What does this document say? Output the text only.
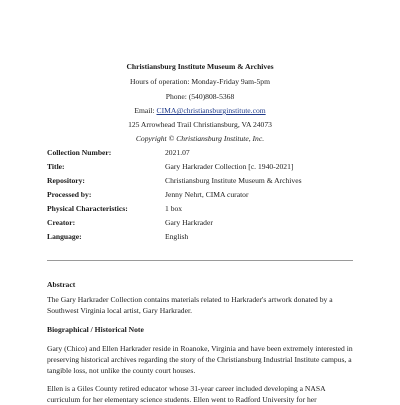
Christiansburg Institute Museum & Archives
Hours of operation: Monday-Friday 9am-5pm
Phone: (540)808-5368
Email: CIMA@christiansburginstitute.com
125 Arrowhead Trail Christiansburg, VA 24073
Copyright © Christiansburg Institute, Inc.
Collection Number:	2021.07
Title:	Gary Harkrader Collection [c. 1940-2021]
Repository:	Christiansburg Institute Museum & Archives
Processed by:	Jenny Nehrt, CIMA curator
Physical Characteristics:	1 box
Creator:	Gary Harkrader
Language:	English
Abstract
The Gary Harkrader Collection contains materials related to Harkrader's artwork donated by a Southwest Virginia local artist, Gary Harkrader.
Biographical / Historical Note
Gary (Chico) and Ellen Harkrader reside in Roanoke, Virginia and have been extremely interested in preserving historical archives regarding the story of the Christiansburg Industrial Institute campus, a tangible loss, not unlike the county court houses.
Ellen is a Giles County retired educator whose 31-year career included developing a NASA curriculum for her elementary science students. Ellen went to Radford University for her
